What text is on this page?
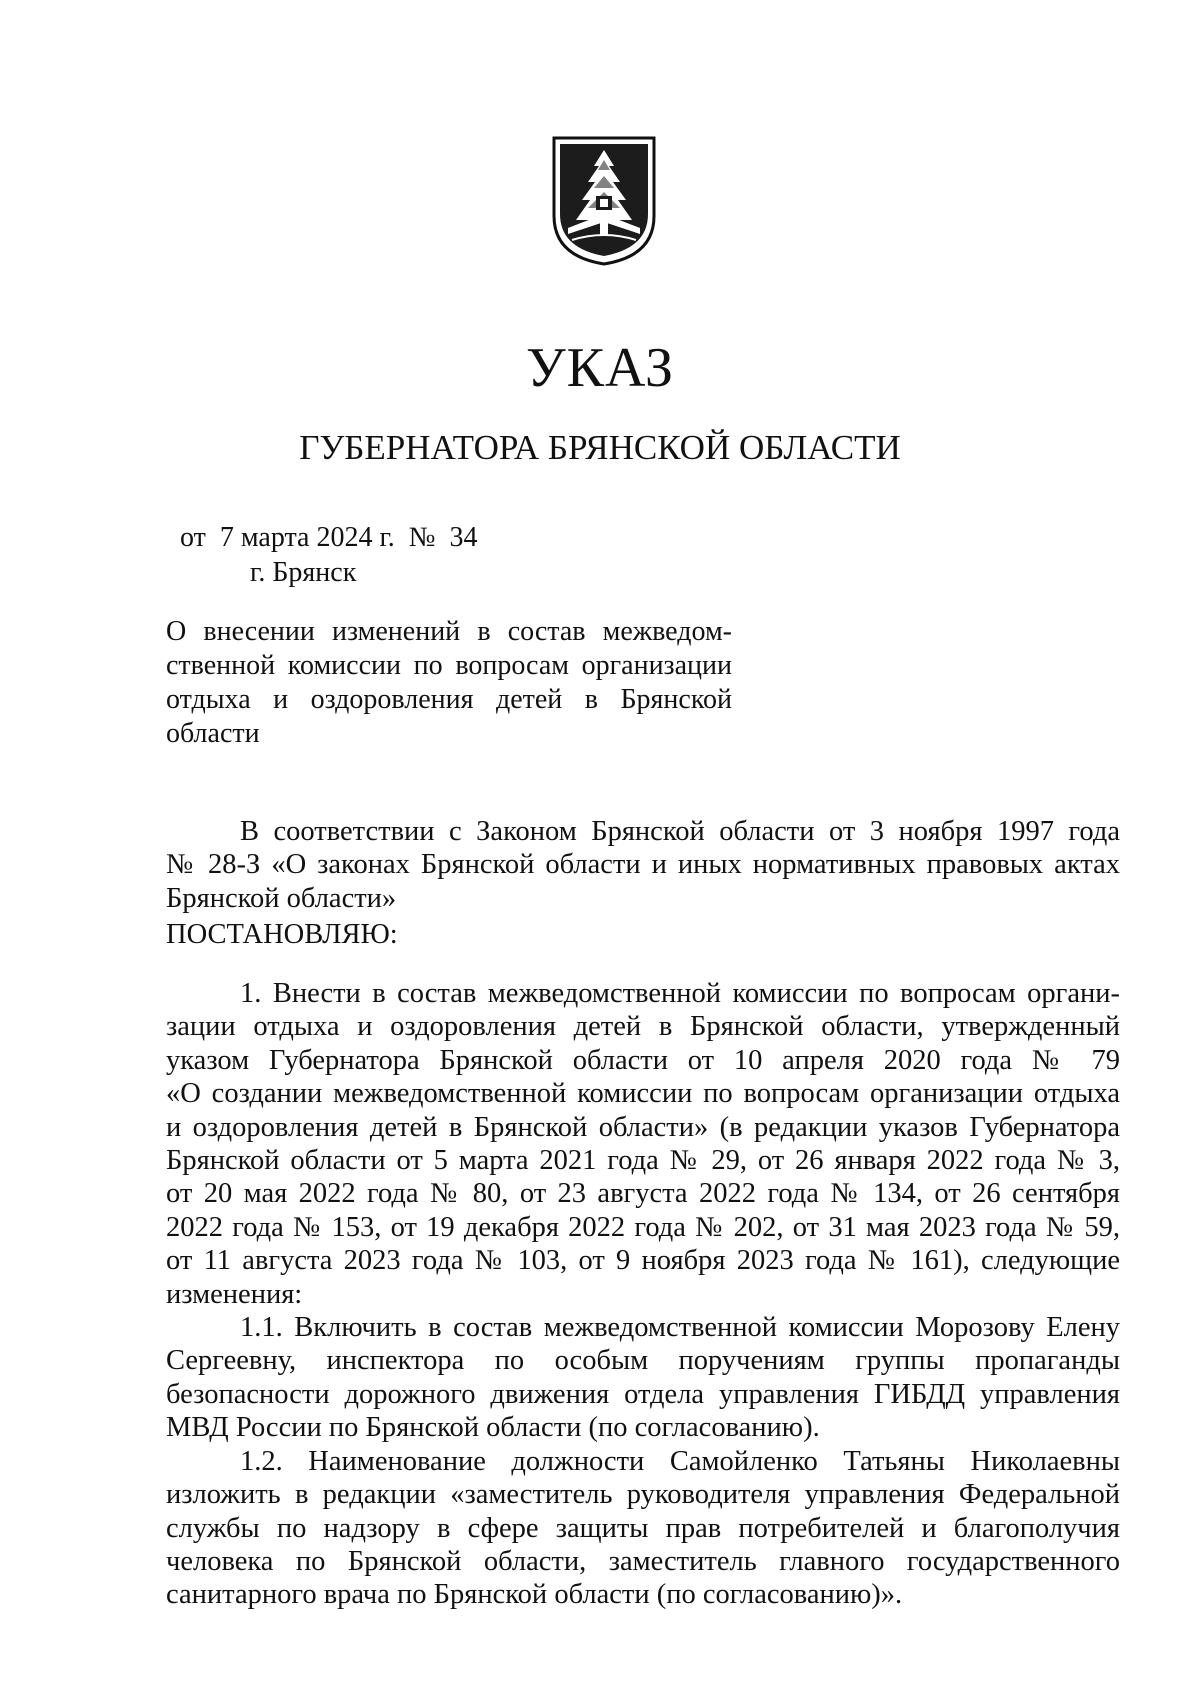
УКАЗ
ГУБЕРНАТОРА БРЯНСКОЙ ОБЛАСТИ
от  7 марта 2024 г.  №  34
г. Брянск
О внесении изменений в состав межведом-
ственной комиссии по вопросам организации
отдыха и оздоровления детей в Брянской
области
В соответствии с Законом Брянской области от 3 ноября 1997 года
№ 28-З «О законах Брянской области и иных нормативных правовых актах
Брянской области»
ПОСТАНОВЛЯЮ:
1. Внести в состав межведомственной комиссии по вопросам органи-
зации отдыха и оздоровления детей в Брянской области, утвержденный
указом Губернатора Брянской области от 10 апреля 2020 года № 79
«О создании межведомственной комиссии по вопросам организации отдыха
и оздоровления детей в Брянской области» (в редакции указов Губернатора
Брянской области от 5 марта 2021 года № 29, от 26 января 2022 года № 3,
от 20 мая 2022 года № 80, от 23 августа 2022 года № 134, от 26 сентября
2022 года № 153, от 19 декабря 2022 года № 202, от 31 мая 2023 года № 59,
от 11 августа 2023 года № 103, от 9 ноября 2023 года № 161), следующие
изменения:
1.1. Включить в состав межведомственной комиссии Морозову Елену
Сергеевну, инспектора по особым поручениям группы пропаганды
безопасности дорожного движения отдела управления ГИБДД управления
МВД России по Брянской области (по согласованию).
1.2. Наименование должности Самойленко Татьяны Николаевны
изложить в редакции «заместитель руководителя управления Федеральной
службы по надзору в сфере защиты прав потребителей и благополучия
человека по Брянской области, заместитель главного государственного
санитарного врача по Брянской области (по согласованию)».
